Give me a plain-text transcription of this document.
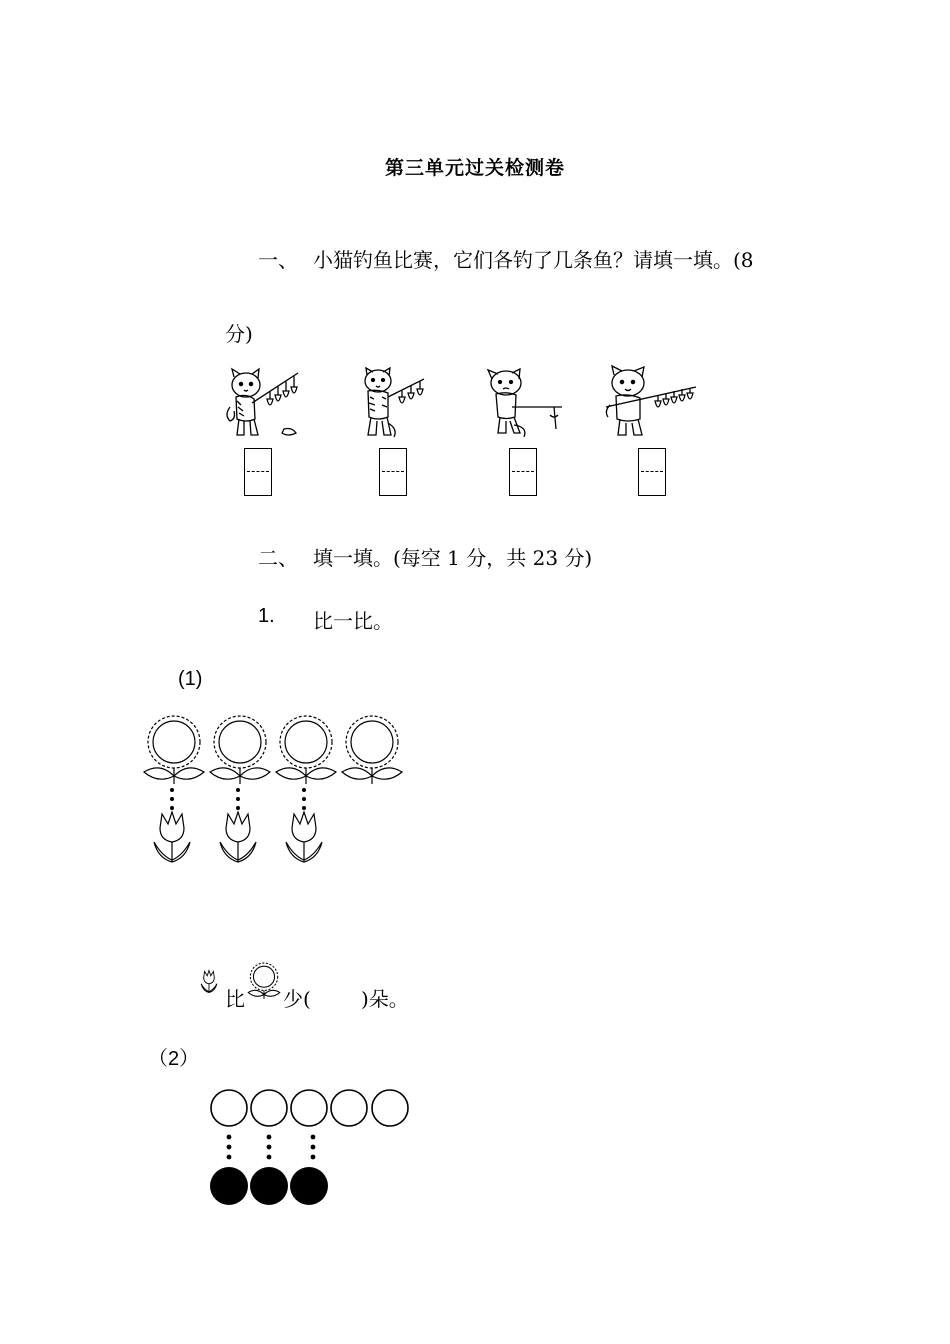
第三单元过关检测卷
一、 小猫钓鱼比赛，它们各钓了几条鱼？请填一填。(8
分)
二、 填一填。(每空 1 分，共 23 分)
1. 比一比。
(1)
比 少(	)朵。
（2）
